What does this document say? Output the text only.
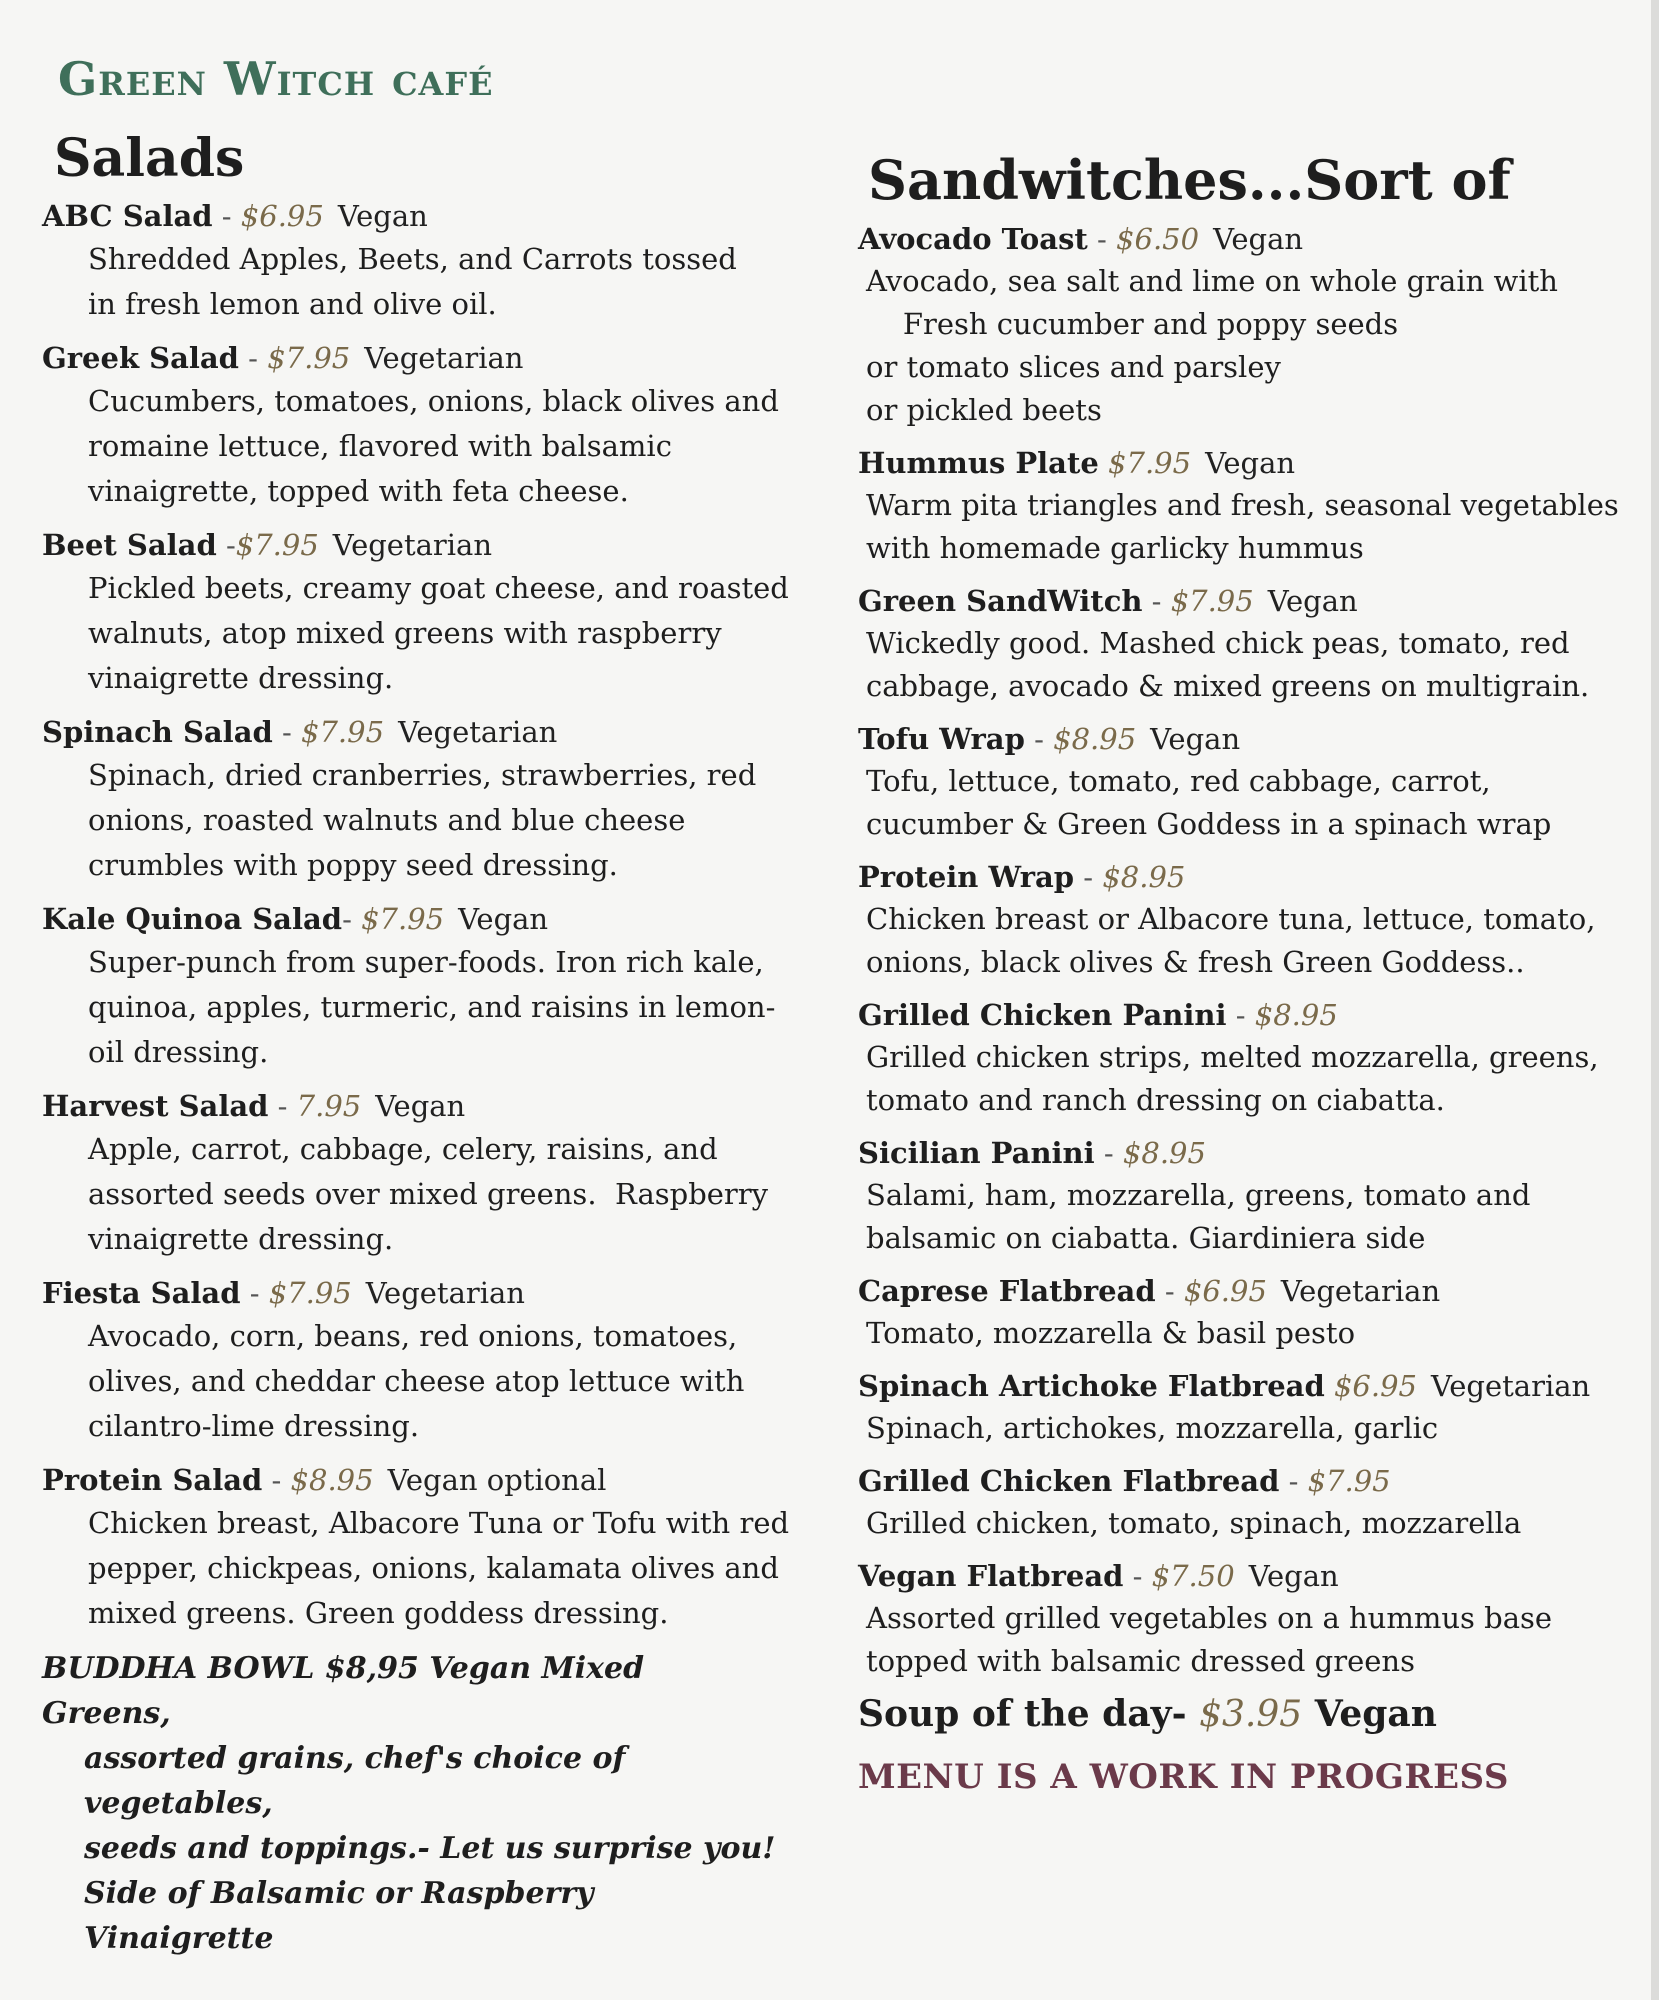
Green Witch café
Salads
ABC Salad - $6.95 Vegan
Shredded Apples, Beets, and Carrots tossed
in fresh lemon and olive oil.
Greek Salad - $7.95 Vegetarian
Cucumbers, tomatoes, onions, black olives and
romaine lettuce, flavored with balsamic
vinaigrette, topped with feta cheese.
Beet Salad -$7.95 Vegetarian
Pickled beets, creamy goat cheese, and roasted
walnuts, atop mixed greens with raspberry
vinaigrette dressing.
Spinach Salad - $7.95 Vegetarian
Spinach, dried cranberries, strawberries, red
onions, roasted walnuts and blue cheese
crumbles with poppy seed dressing.
Kale Quinoa Salad- $7.95 Vegan
Super-punch from super-foods. Iron rich kale,
quinoa, apples, turmeric, and raisins in lemon-
oil dressing.
Harvest Salad - 7.95 Vegan
Apple, carrot, cabbage, celery, raisins, and
assorted seeds over mixed greens.  Raspberry
vinaigrette dressing.
Fiesta Salad - $7.95 Vegetarian
Avocado, corn, beans, red onions, tomatoes,
olives, and cheddar cheese atop lettuce with
cilantro-lime dressing.
Protein Salad - $8.95 Vegan optional
Chicken breast, Albacore Tuna or Tofu with red
pepper, chickpeas, onions, kalamata olives and
mixed greens. Green goddess dressing.
BUDDHA BOWL $8,95 Vegan Mixed Greens,
assorted grains, chef's choice of vegetables,
seeds and toppings.- Let us surprise you!
Side of Balsamic or Raspberry Vinaigrette
Sandwitches...Sort of
Avocado Toast - $6.50 Vegan
Avocado, sea salt and lime on whole grain with
Fresh cucumber and poppy seeds
or tomato slices and parsley
or pickled beets
Hummus Plate $7.95 Vegan
Warm pita triangles and fresh, seasonal vegetables
with homemade garlicky hummus
Green SandWitch - $7.95 Vegan
Wickedly good. Mashed chick peas, tomato, red
cabbage, avocado & mixed greens on multigrain.
Tofu Wrap - $8.95 Vegan
Tofu, lettuce, tomato, red cabbage, carrot,
cucumber & Green Goddess in a spinach wrap
Protein Wrap - $8.95
Chicken breast or Albacore tuna, lettuce, tomato,
onions, black olives & fresh Green Goddess..
Grilled Chicken Panini - $8.95
Grilled chicken strips, melted mozzarella, greens,
tomato and ranch dressing on ciabatta.
Sicilian Panini - $8.95
Salami, ham, mozzarella, greens, tomato and
balsamic on ciabatta. Giardiniera side
Caprese Flatbread - $6.95 Vegetarian
Tomato, mozzarella & basil pesto
Spinach Artichoke Flatbread $6.95 Vegetarian
Spinach, artichokes, mozzarella, garlic
Grilled Chicken Flatbread - $7.95
Grilled chicken, tomato, spinach, mozzarella
Vegan Flatbread - $7.50 Vegan
Assorted grilled vegetables on a hummus base
topped with balsamic dressed greens
Soup of the day- $3.95 Vegan
MENU IS A WORK IN PROGRESS
